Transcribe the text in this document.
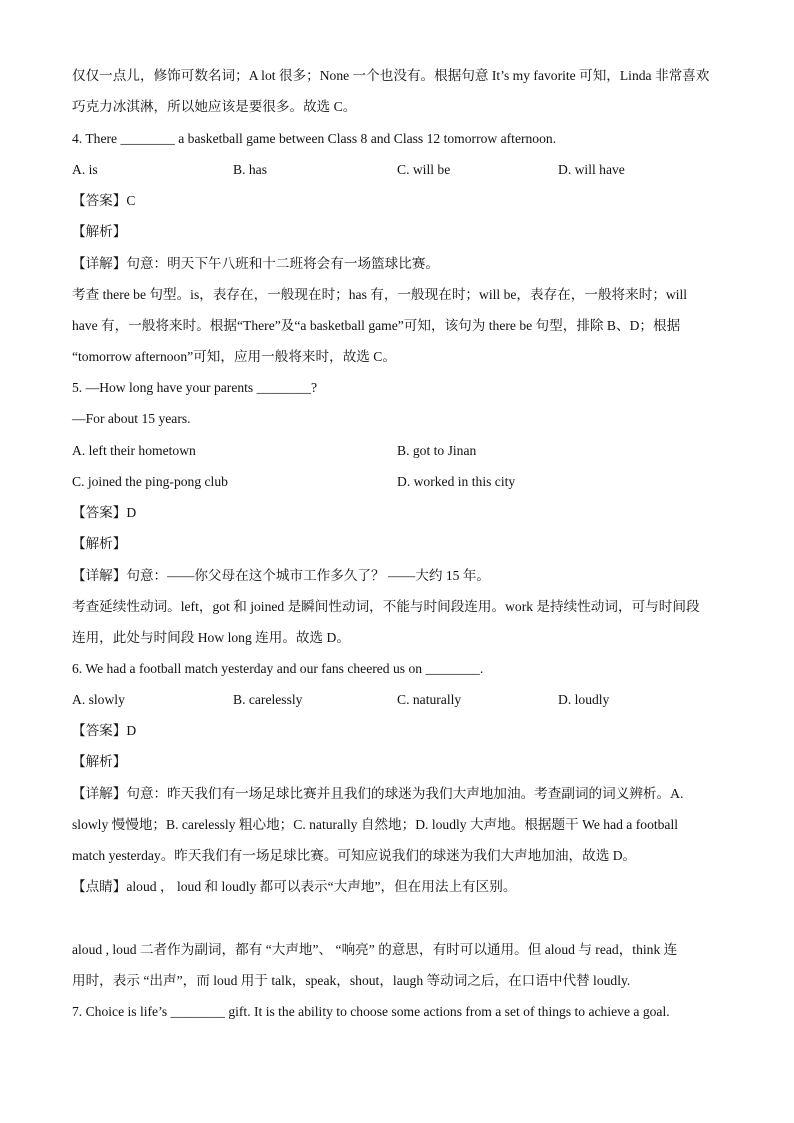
仅仅一点儿，修饰可数名词；A lot 很多；None 一个也没有。根据句意 It’s my favorite 可知，Linda 非常喜欢
巧克力冰淇淋，所以她应该是要很多。故选 C。
4. There ________ a basketball game between Class 8 and Class 12 tomorrow afternoon.
A. is	B. has	C. will be	D. will have
【答案】C
【解析】
【详解】句意：明天下午八班和十二班将会有一场篮球比赛。
考查 there be 句型。is，表存在，一般现在时；has 有，一般现在时；will be，表存在，一般将来时；will
have 有，一般将来时。根据“There”及“a basketball game”可知，该句为 there be 句型，排除 B、D；根据
“tomorrow afternoon”可知，应用一般将来时，故选 C。
5. —How long have your parents ________?
—For about 15 years.
A. left their hometown	B. got to Jinan
C. joined the ping-pong club	D. worked in this city
【答案】D
【解析】
【详解】句意：——你父母在这个城市工作多久了？ ——大约 15 年。
考查延续性动词。left，got 和 joined 是瞬间性动词，不能与时间段连用。work 是持续性动词，可与时间段
连用，此处与时间段 How long 连用。故选 D。
6. We had a football match yesterday and our fans cheered us on ________.
A. slowly	B. carelessly	C. naturally	D. loudly
【答案】D
【解析】
【详解】句意：昨天我们有一场足球比赛并且我们的球迷为我们大声地加油。考查副词的词义辨析。A.
slowly 慢慢地；B. carelessly 粗心地；C. naturally 自然地；D. loudly 大声地。根据题干 We had a football
match yesterday。昨天我们有一场足球比赛。可知应说我们的球迷为我们大声地加油，故选 D。
【点睛】aloud ， loud 和 loudly 都可以表示“大声地”，但在用法上有区别。
aloud , loud 二者作为副词，都有 “大声地”、 “响亮” 的意思，有时可以通用。但 aloud 与 read，think 连
用时，表示 “出声”，而 loud 用于 talk，speak，shout，laugh 等动词之后，在口语中代替 loudly.
7. Choice is life’s ________ gift. It is the ability to choose some actions from a set of things to achieve a goal.
